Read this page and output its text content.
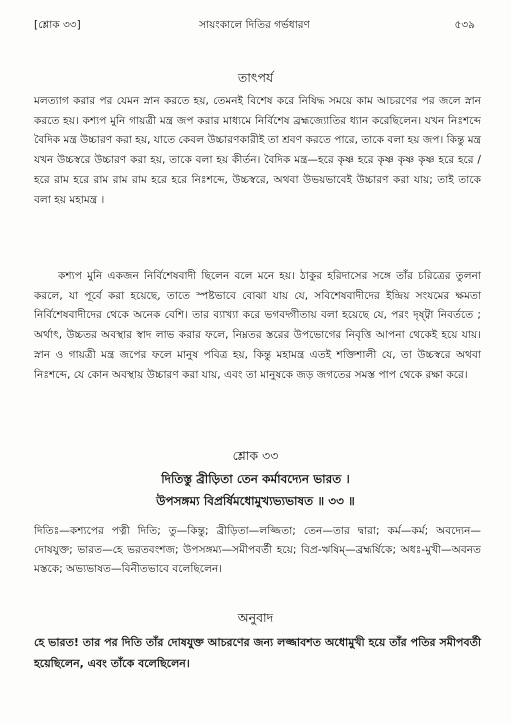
[শ্লোক ৩৩]	সায়ংকালে দিতির গর্ভধারণ	৫৩৯
তাৎপর্য

মলত্যাগ করার পর যেমন স্নান করতে হয়, তেমনই বিশেষ করে নিষিদ্ধ সময়ে কাম আচরণের পর জলে স্নান করতে হয়। কশ্যপ মুনি গায়ত্রী মন্ত্র জপ করার মাধ্যমে নির্বিশেষ ব্রহ্মজ্যোতির ধ্যান করেছিলেন। যখন নিঃশব্দে বৈদিক মন্ত্র উচ্চারণ করা হয়, যাতে কেবল উচ্চারণকারীই তা শ্রবণ করতে পারে, তাকে বলা হয় জপ। কিন্তু মন্ত্র যখন উচ্চস্বরে উচ্চারণ করা হয়, তাকে বলা হয় কীর্তন। বৈদিক মন্ত্র—হরে কৃষ্ণ হরে কৃষ্ণ কৃষ্ণ কৃষ্ণ হরে হরে / হরে রাম হরে রাম রাম রাম হরে হরে নিঃশব্দে, উচ্চস্বরে, অথবা উভয়ভাবেই উচ্চারণ করা যায়; তাই তাকে বলা হয় মহামন্ত্র ।

কশ্যপ মুনি একজন নির্বিশেষবাদী ছিলেন বলে মনে হয়। ঠাকুর হরিদাসের সঙ্গে তাঁর চরিত্রের তুলনা করলে, যা পূর্বে করা হয়েছে, তাতে স্পষ্টভাবে বোঝা যায় যে, সবিশেষবাদীদের ইন্দ্রিয় সংযমের ক্ষমতা নির্বিশেষবাদীদের থেকে অনেক বেশি। তার ব্যাখ্যা করে ভগবদ্গীতায় বলা হয়েছে যে, পরং দৃষ্ট্বা নিবর্ততে ; অর্থাৎ, উচ্চতর অবস্থার স্বাদ লাভ করার ফলে, নিম্নতর স্তরের উপভোগের নিবৃত্তি আপনা থেকেই হয়ে যায়। স্নান ও গায়ত্রী মন্ত্র জপের ফলে মানুষ পবিত্র হয়, কিন্তু মহামন্ত্র এতই শক্তিশালী যে, তা উচ্চস্বরে অথবা নিঃশব্দে, যে কোন অবস্থায় উচ্চারণ করা যায়, এবং তা মানুষকে জড় জগতের সমস্ত পাপ থেকে রক্ষা করে।

শ্লোক ৩৩
দিতিস্তু ব্রীড়িতা তেন কর্মাবদ্যেন ভারত ।
উপসঙ্গম্য বিপ্রর্ষিমধোমুখ্যভ্যভাষত ॥ ৩৩ ॥

দিতিঃ—কশ্যপের পত্নী দিতি; তু—কিন্তু; ব্রীড়িতা—লজ্জিতা; তেন—তার দ্বারা; কর্ম—কর্ম; অবদ্যেন—দোষযুক্ত; ভারত—হে ভরতবংশজ; উপসঙ্গম্য—সমীপবর্তী হয়ে; বিপ্র-ঋষিম্—ব্রহ্মর্ষিকে; অধঃ-মুখী—অবনত মস্তকে; অভ্যভাষত—বিনীতভাবে বলেছিলেন।

অনুবাদ

হে ভারত! তার পর দিতি তাঁর দোষযুক্ত আচরণের জন্য লজ্জাবশত অধোমুখী হয়ে তাঁর পতির সমীপবর্তী হয়েছিলেন, এবং তাঁকে বলেছিলেন।
